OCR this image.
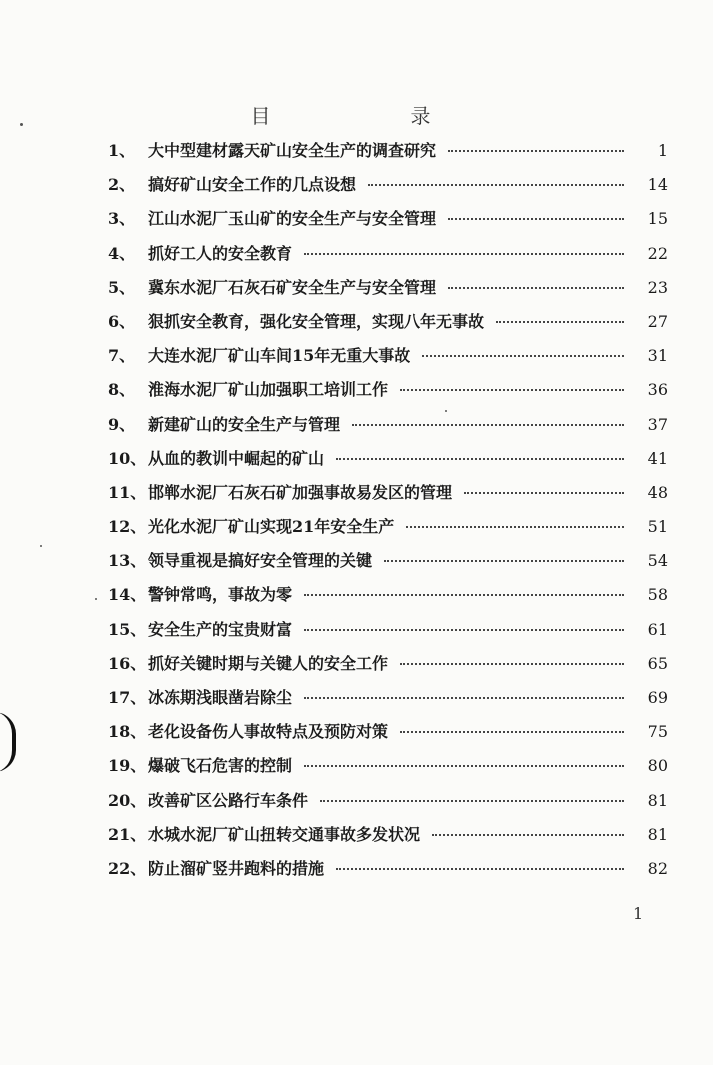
目　录
1、 大中型建材露天矿山安全生产的调查研究	1
2、 搞好矿山安全工作的几点设想	14
3、 江山水泥厂玉山矿的安全生产与安全管理	15
4、 抓好工人的安全教育	22
5、 冀东水泥厂石灰石矿安全生产与安全管理	23
6、 狠抓安全教育，强化安全管理，实现八年无事故	27
7、 大连水泥厂矿山车间15年无重大事故	31
8、 淮海水泥厂矿山加强职工培训工作	36
9、 新建矿山的安全生产与管理	37
10、 从血的教训中崛起的矿山	41
11、 邯郸水泥厂石灰石矿加强事故易发区的管理	48
12、 光化水泥厂矿山实现21年安全生产	51
13、 领导重视是搞好安全管理的关键	54
14、 警钟常鸣，事故为零	58
15、 安全生产的宝贵财富	61
16、 抓好关键时期与关键人的安全工作	65
17、 冰冻期浅眼凿岩除尘	69
18、 老化设备伤人事故特点及预防对策	75
19、 爆破飞石危害的控制	80
20、 改善矿区公路行车条件	81
21、 水城水泥厂矿山扭转交通事故多发状况	81
22、 防止溜矿竖井跑料的措施	82
1
